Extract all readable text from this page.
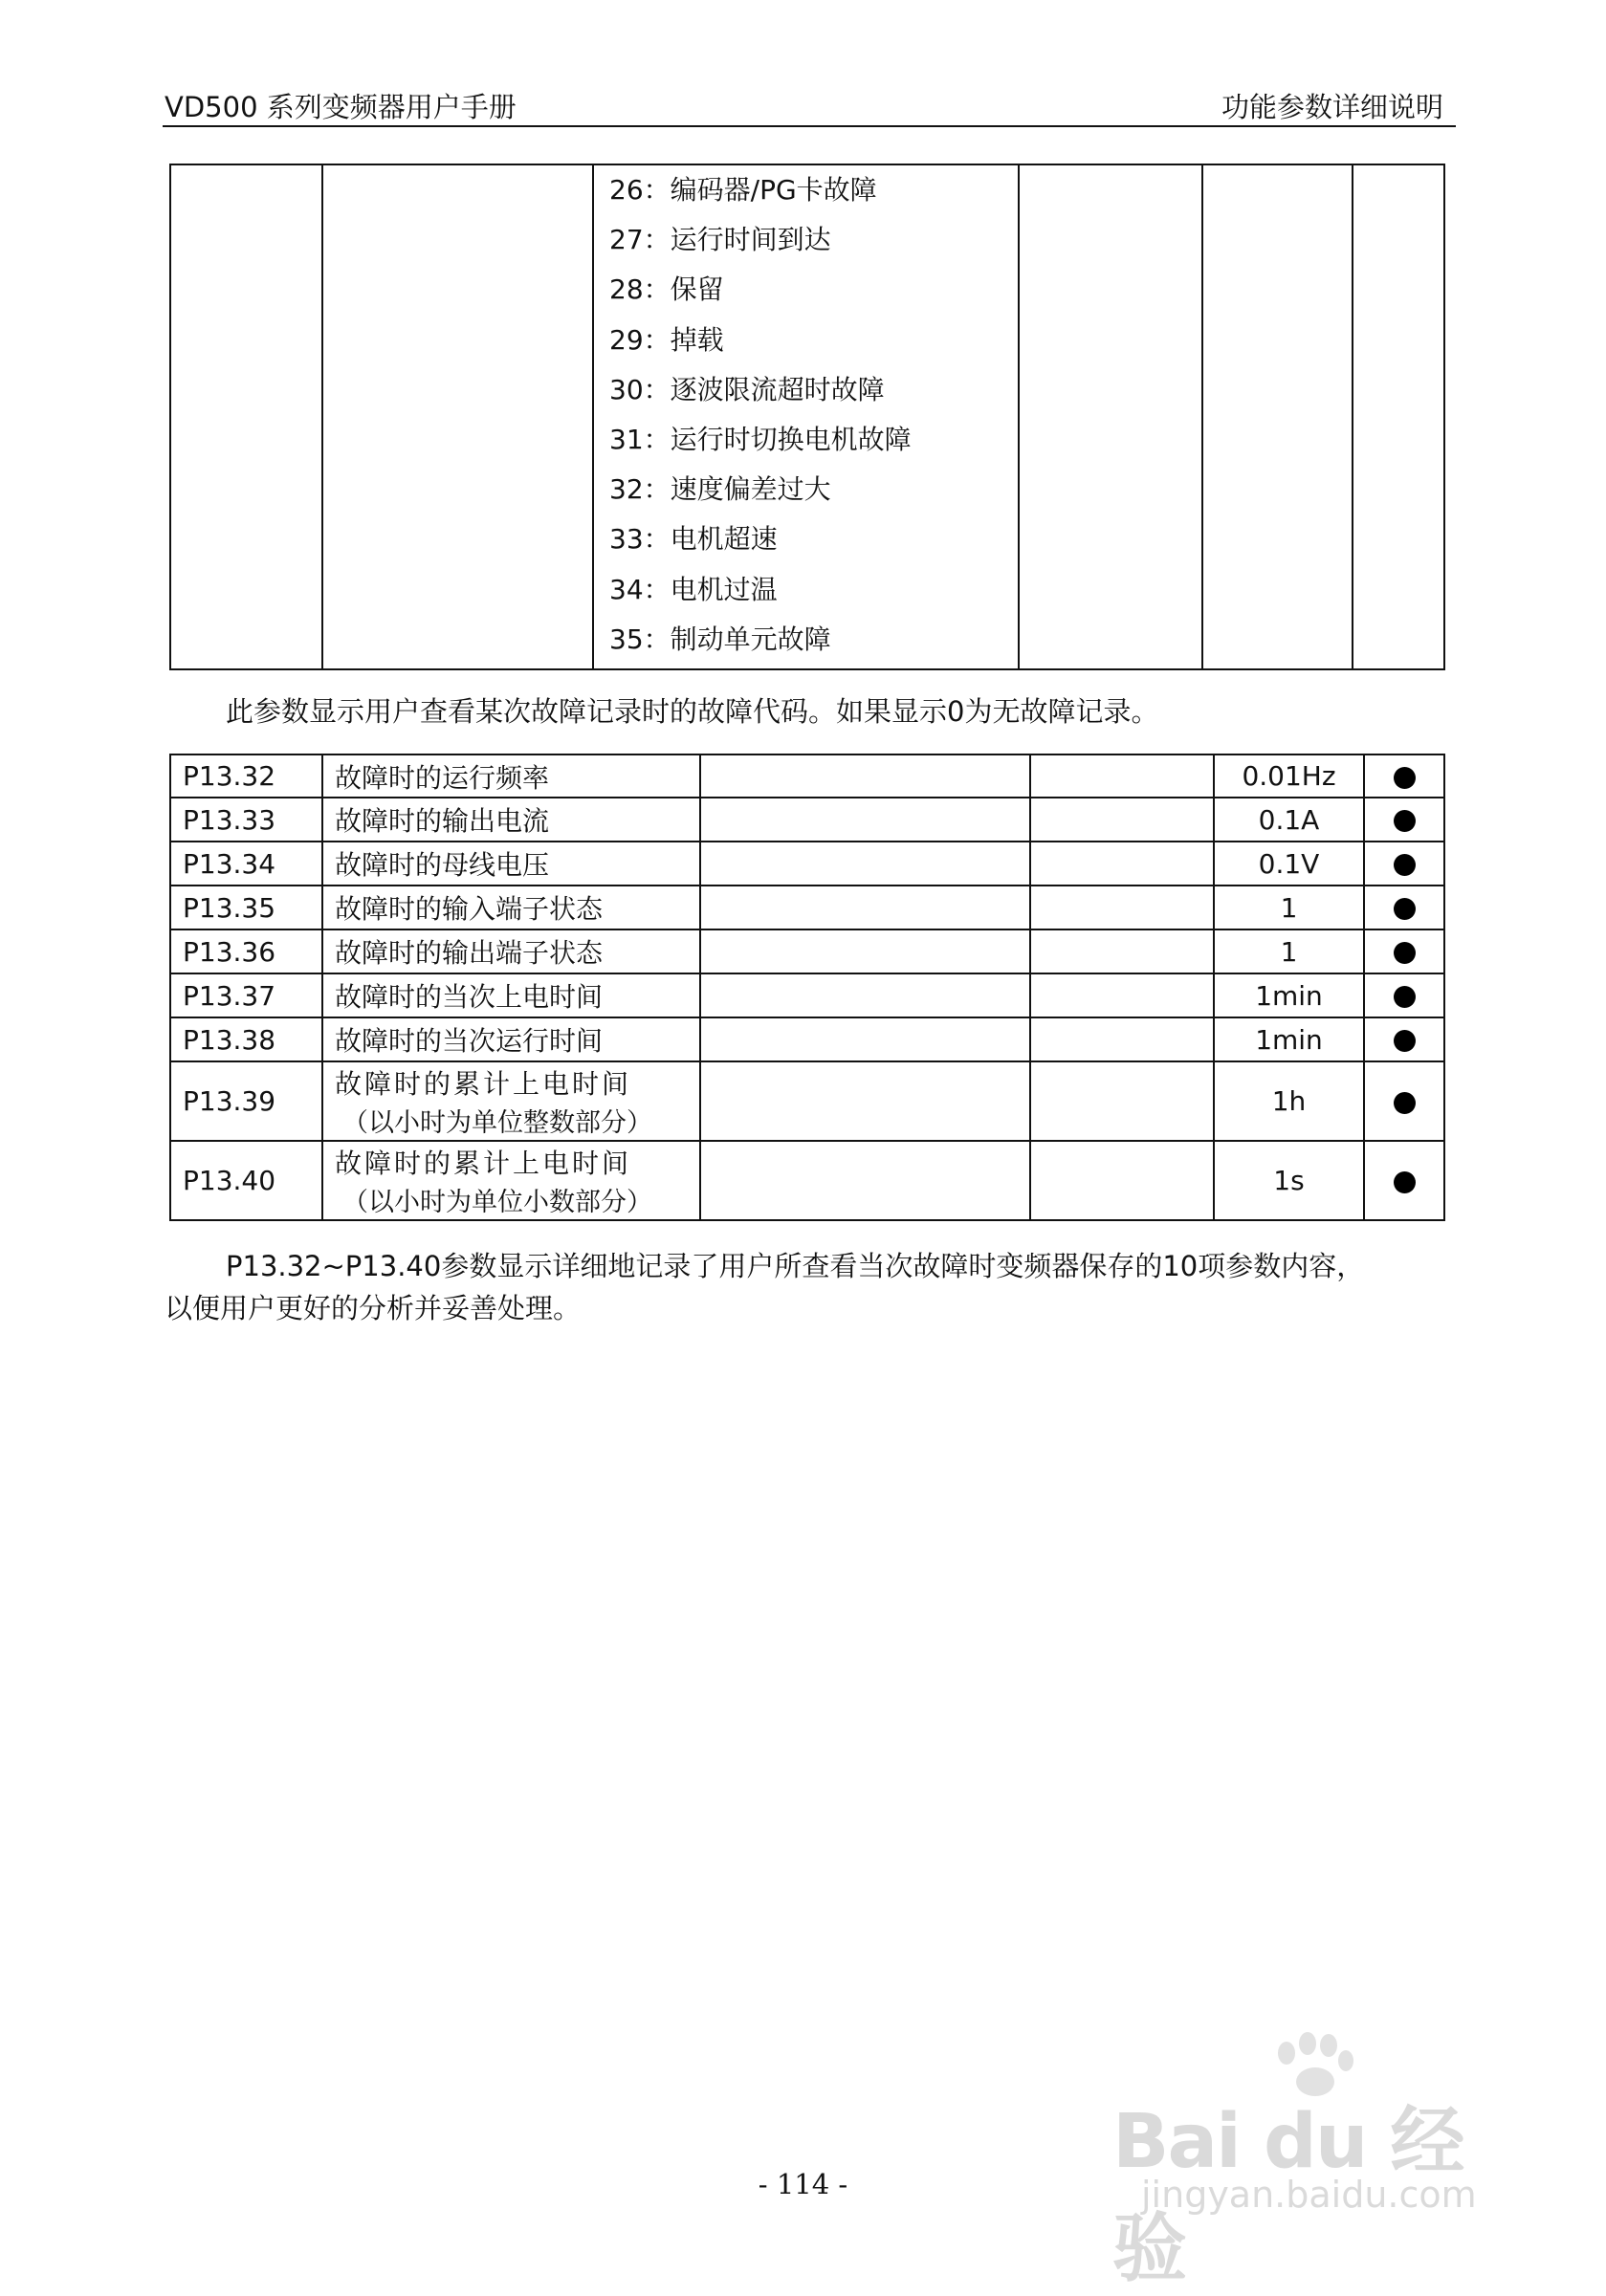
VD500 系列变频器用户手册	功能参数详细说明

26：编码器/PG卡故障
27：运行时间到达
28：保留
29：掉载
30：逐波限流超时故障
31：运行时切换电机故障
32：速度偏差过大
33：电机超速
34：电机过温
35：制动单元故障

此参数显示用户查看某次故障记录时的故障代码。如果显示0为无故障记录。
P13.32	故障时的运行频率			0.01Hz	
P13.33	故障时的输出电流			0.1A	
P13.34	故障时的母线电压			0.1V	
P13.35	故障时的输入端子状态			1	
P13.36	故障时的输出端子状态			1	
P13.37	故障时的当次上电时间			1min	
P13.38	故障时的当次运行时间			1min	
P13.39	故障时的累计上电时间
（以小时为单位整数部分）			1h	
P13.40	故障时的累计上电时间
（以小时为单位小数部分）			1s	
P13.32~P13.40参数显示详细地记录了用户所查看当次故障时变频器保存的10项参数内容，
以便用户更好的分析并妥善处理。
- 114 -	Bai du 经验
jingyan.baidu.com
